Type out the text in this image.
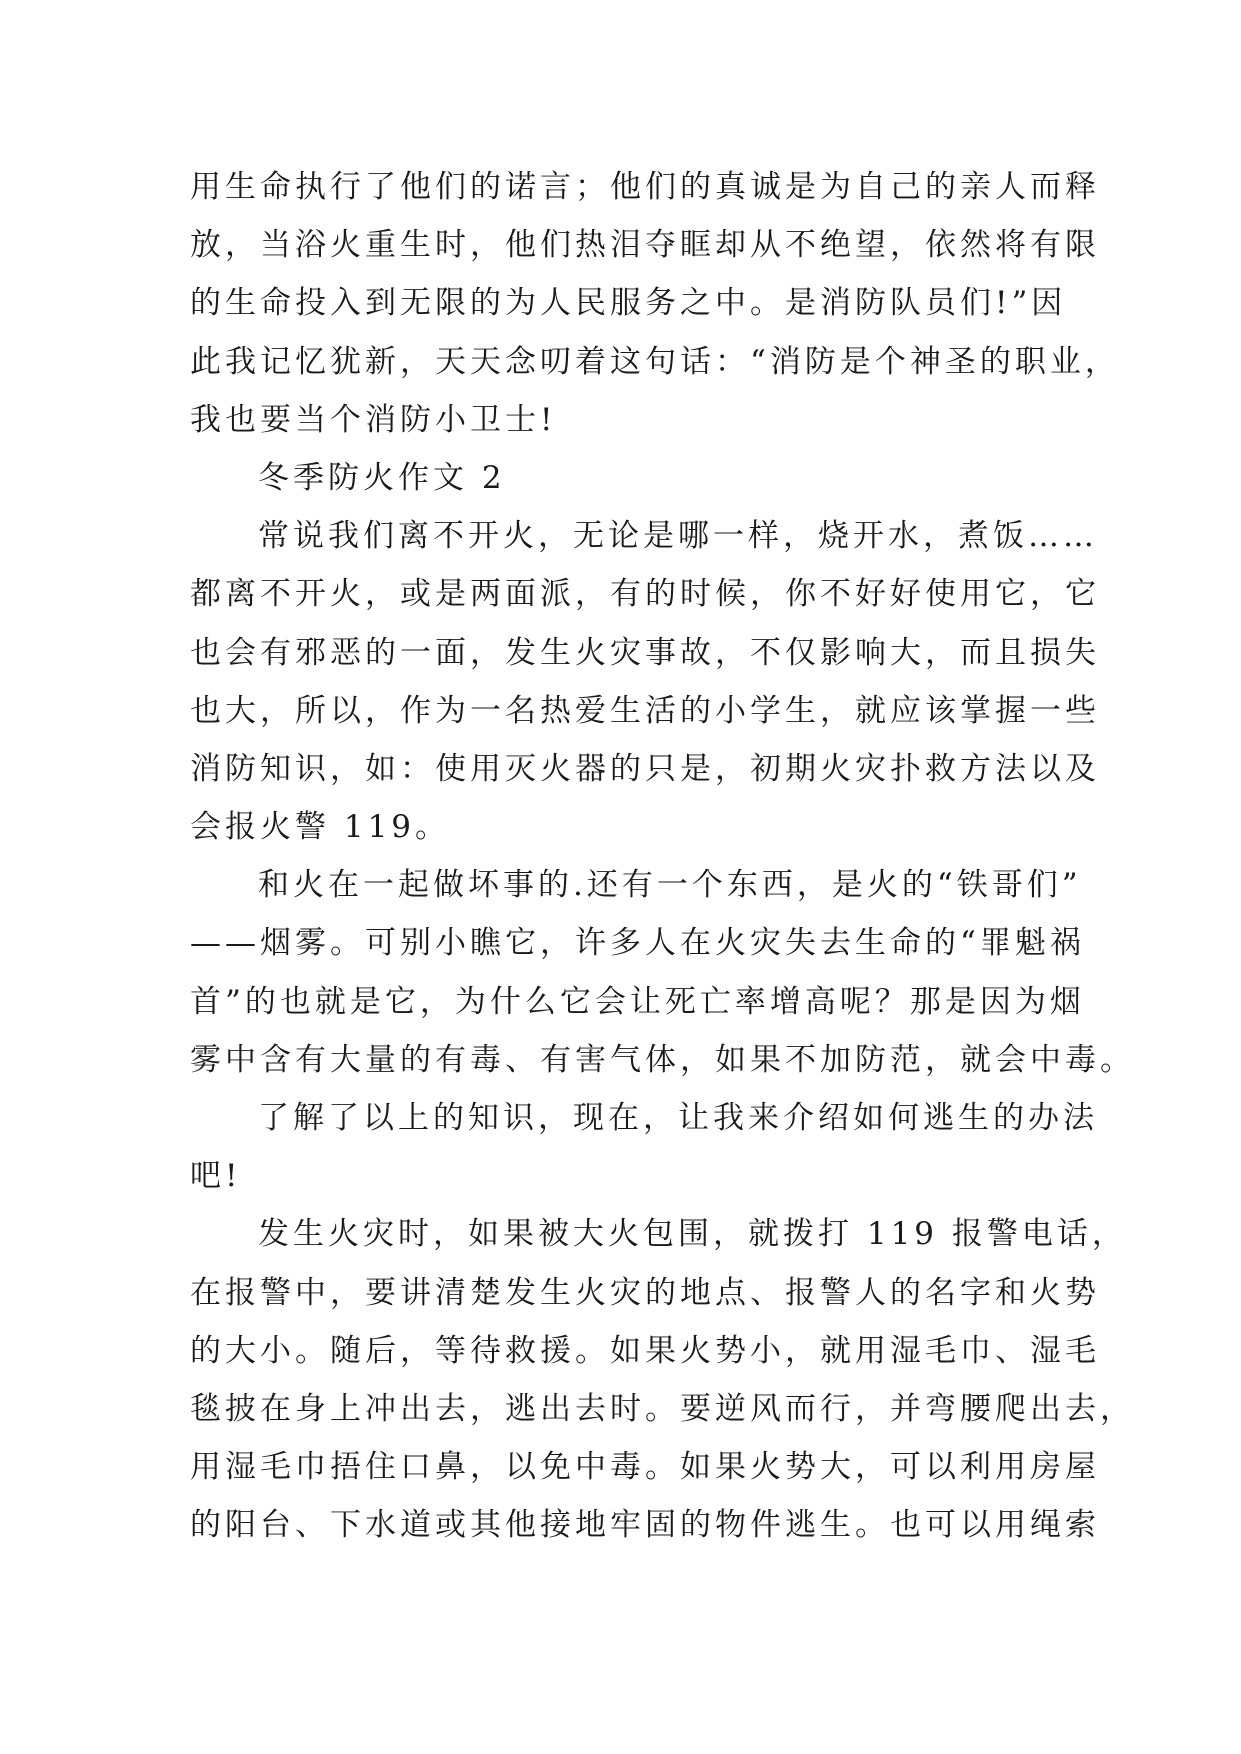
用生命执行了他们的诺言；他们的真诚是为自己的亲人而释
放，当浴火重生时，他们热泪夺眶却从不绝望，依然将有限
的生命投入到无限的为人民服务之中。是消防队员们!”因
此我记忆犹新，天天念叨着这句话：“消防是个神圣的职业，
我也要当个消防小卫士!
冬季防火作文 2
常说我们离不开火，无论是哪一样，烧开水，煮饭……
都离不开火，或是两面派，有的时候，你不好好使用它，它
也会有邪恶的一面，发生火灾事故，不仅影响大，而且损失
也大，所以，作为一名热爱生活的小学生，就应该掌握一些
消防知识，如：使用灭火器的只是，初期火灾扑救方法以及
会报火警 119。
和火在一起做坏事的.还有一个东西，是火的“铁哥们”
——烟雾。可别小瞧它，许多人在火灾失去生命的“罪魁祸
首”的也就是它，为什么它会让死亡率增高呢？那是因为烟
雾中含有大量的有毒、有害气体，如果不加防范，就会中毒。
了解了以上的知识，现在，让我来介绍如何逃生的办法
吧!
发生火灾时，如果被大火包围，就拨打 119 报警电话，
在报警中，要讲清楚发生火灾的地点、报警人的名字和火势
的大小。随后，等待救援。如果火势小，就用湿毛巾、湿毛
毯披在身上冲出去，逃出去时。要逆风而行，并弯腰爬出去，
用湿毛巾捂住口鼻，以免中毒。如果火势大，可以利用房屋
的阳台、下水道或其他接地牢固的物件逃生。也可以用绳索
